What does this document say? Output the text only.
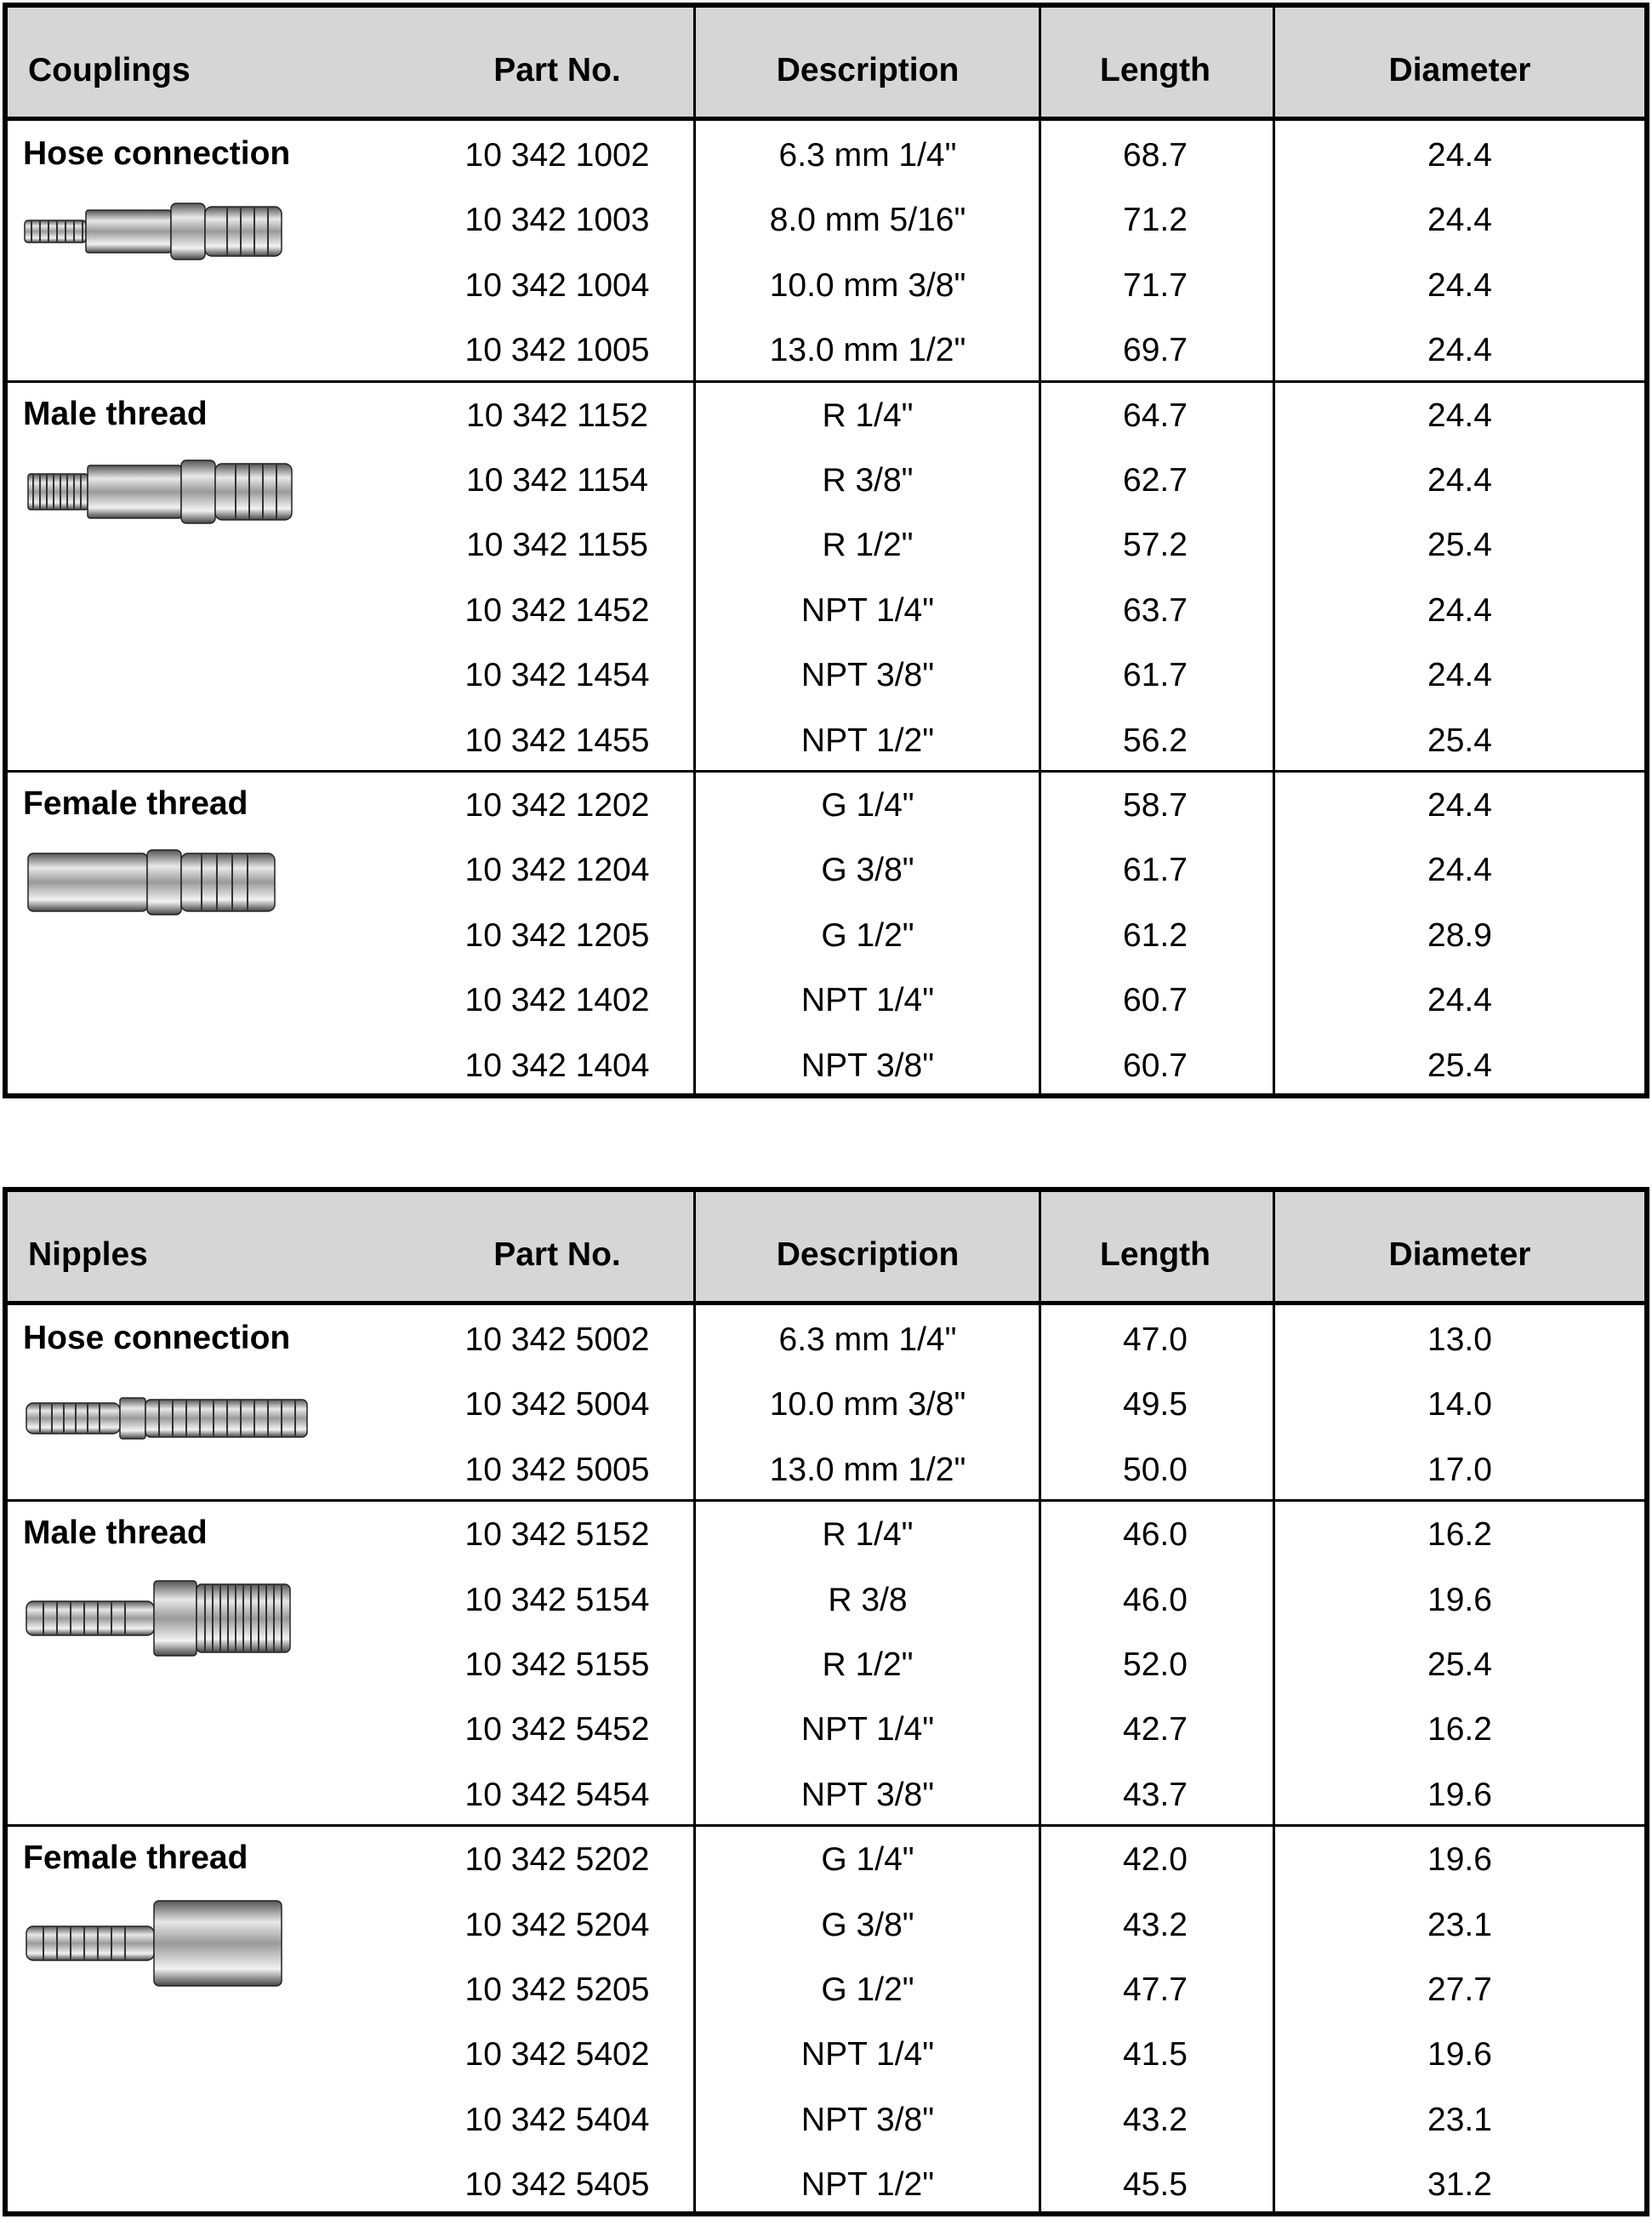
Couplings	Part No.	Description	Length	Diameter
Hose connection	10 342 1002	6.3 mm 1/4"	68.7	24.4
10 342 1003	8.0 mm 5/16"	71.2	24.4
10 342 1004	10.0 mm 3/8"	71.7	24.4
10 342 1005	13.0 mm 1/2"	69.7	24.4
Male thread	10 342 1152	R 1/4"	64.7	24.4
10 342 1154	R 3/8"	62.7	24.4
10 342 1155	R 1/2"	57.2	25.4
10 342 1452	NPT 1/4"	63.7	24.4
10 342 1454	NPT 3/8"	61.7	24.4
10 342 1455	NPT 1/2"	56.2	25.4
Female thread	10 342 1202	G 1/4"	58.7	24.4
10 342 1204	G 3/8"	61.7	24.4
10 342 1205	G 1/2"	61.2	28.9
10 342 1402	NPT 1/4"	60.7	24.4
10 342 1404	NPT 3/8"	60.7	25.4
Nipples	Part No.	Description	Length	Diameter
Hose connection	10 342 5002	6.3 mm 1/4"	47.0	13.0
10 342 5004	10.0 mm 3/8"	49.5	14.0
10 342 5005	13.0 mm 1/2"	50.0	17.0
Male thread	10 342 5152	R 1/4"	46.0	16.2
10 342 5154	R 3/8	46.0	19.6
10 342 5155	R 1/2"	52.0	25.4
10 342 5452	NPT 1/4"	42.7	16.2
10 342 5454	NPT 3/8"	43.7	19.6
Female thread	10 342 5202	G 1/4"	42.0	19.6
10 342 5204	G 3/8"	43.2	23.1
10 342 5205	G 1/2"	47.7	27.7
10 342 5402	NPT 1/4"	41.5	19.6
10 342 5404	NPT 3/8"	43.2	23.1
10 342 5405	NPT 1/2"	45.5	31.2
